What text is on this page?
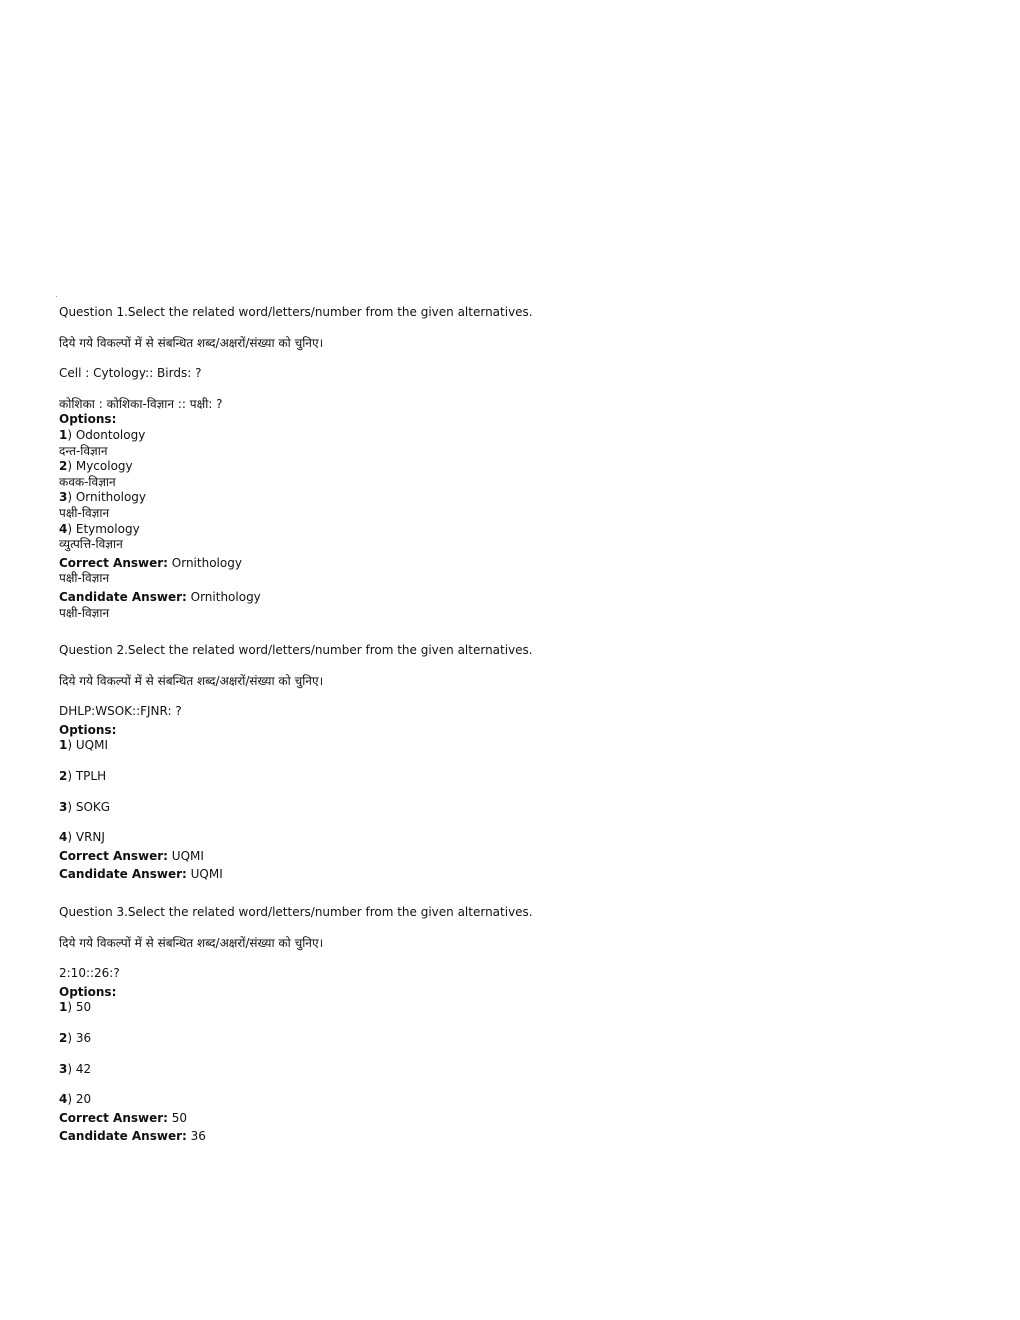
Question 1.Select the related word/letters/number from the given alternatives.

दिये गये विकल्पों में से संबन्धित शब्द/अक्षरों/संख्या को चुनिए।

Cell : Cytology:: Birds: ?

कोशिका : कोशिका-विज्ञान :: पक्षी: ?

Options:
1) Odontology
दन्त-विज्ञान
2) Mycology
कवक-विज्ञान
3) Ornithology
पक्षी-विज्ञान
4) Etymology
व्युत्पत्ति-विज्ञान
Correct Answer: Ornithology
पक्षी-विज्ञान
Candidate Answer: Ornithology
पक्षी-विज्ञान

Question 2.Select the related word/letters/number from the given alternatives.

दिये गये विकल्पों में से संबन्धित शब्द/अक्षरों/संख्या को चुनिए।

DHLP:WSOK::FJNR: ?

Options:
1) UQMI
2) TPLH
3) SOKG
4) VRNJ
Correct Answer: UQMI
Candidate Answer: UQMI

Question 3.Select the related word/letters/number from the given alternatives.

दिये गये विकल्पों में से संबन्धित शब्द/अक्षरों/संख्या को चुनिए।

2:10::26:?

Options:
1) 50
2) 36
3) 42
4) 20
Correct Answer: 50
Candidate Answer: 36
